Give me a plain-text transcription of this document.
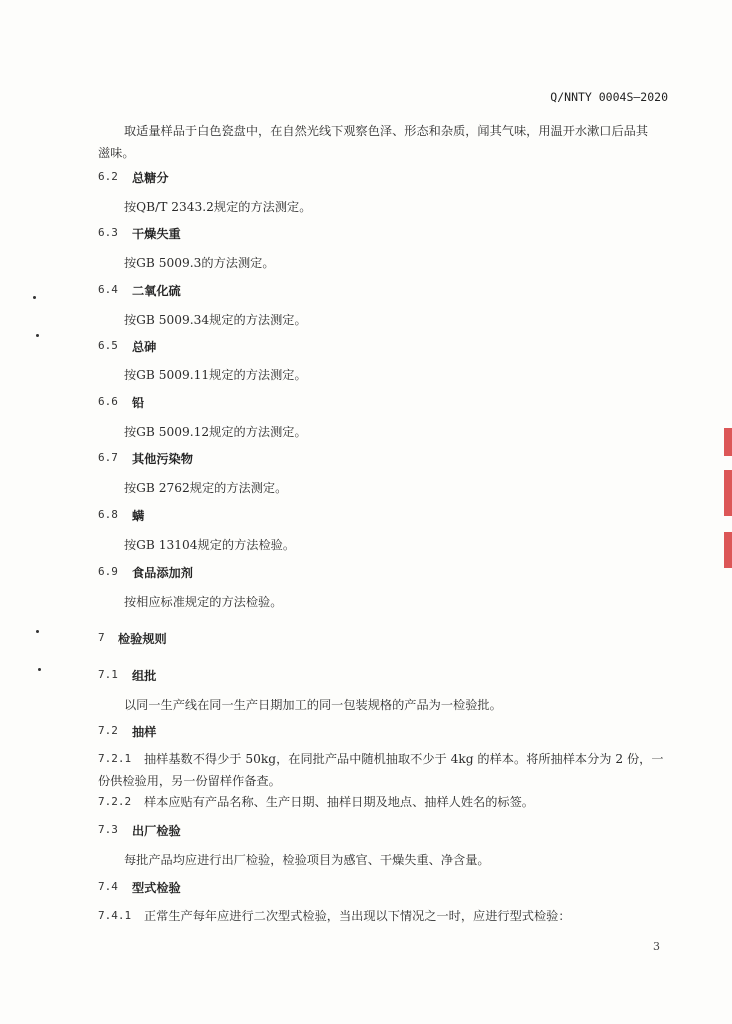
Q/NNTY 0004S—2020
取适量样品于白色瓷盘中，在自然光线下观察色泽、形态和杂质，闻其气味，用温开水漱口后品其
滋味。
6.2 总糖分
按QB/T 2343.2规定的方法测定。
6.3 干燥失重
按GB 5009.3的方法测定。
6.4 二氧化硫
按GB 5009.34规定的方法测定。
6.5 总砷
按GB 5009.11规定的方法测定。
6.6 铅
按GB 5009.12规定的方法测定。
6.7 其他污染物
按GB 2762规定的方法测定。
6.8 螨
按GB 13104规定的方法检验。
6.9 食品添加剂
按相应标准规定的方法检验。
7 检验规则
7.1 组批
以同一生产线在同一生产日期加工的同一包装规格的产品为一检验批。
7.2 抽样
7.2.1 抽样基数不得少于 50kg，在同批产品中随机抽取不少于 4kg 的样本。将所抽样本分为 2 份，一
份供检验用，另一份留样作备查。
7.2.2 样本应贴有产品名称、生产日期、抽样日期及地点、抽样人姓名的标签。
7.3 出厂检验
每批产品均应进行出厂检验，检验项目为感官、干燥失重、净含量。
7.4 型式检验
7.4.1 正常生产每年应进行二次型式检验，当出现以下情况之一时，应进行型式检验：
3
